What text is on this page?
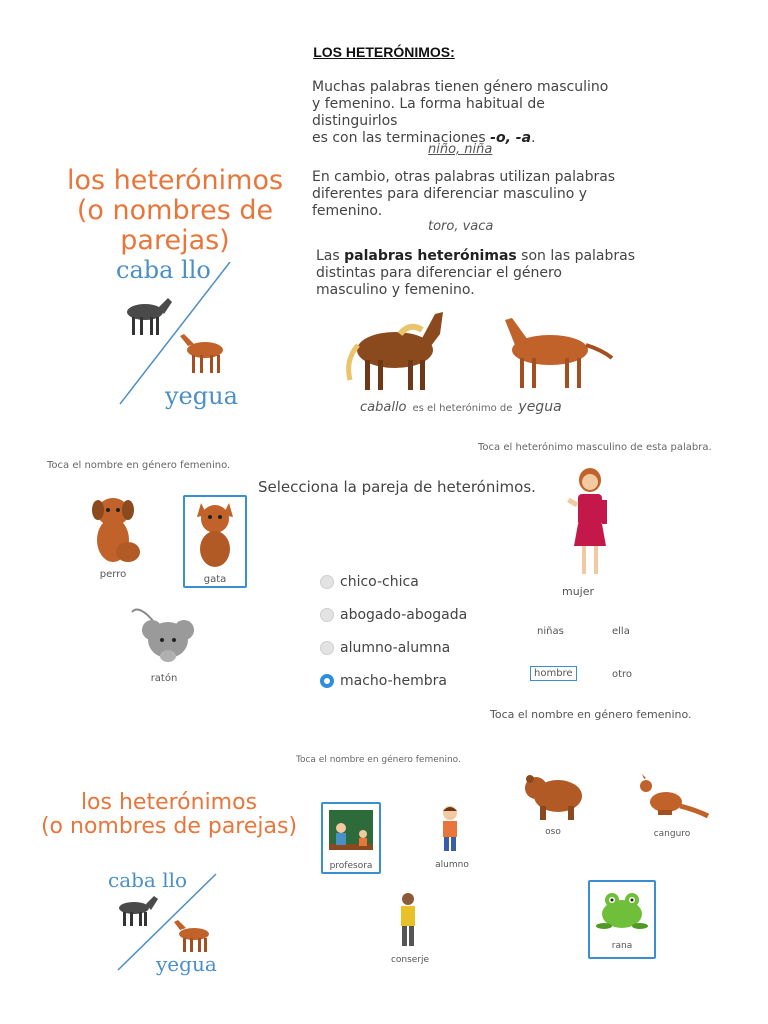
LOS HETERÓNIMOS:
Muchas palabras tienen género masculino
y femenino. La forma habitual de distinguirlos
es con las terminaciones -o, -a.
niño, niña
En cambio, otras palabras utilizan palabras
diferentes para diferenciar masculino y
femenino.
toro, vaca
Las palabras heterónimas son las palabras
distintas para diferenciar el género
masculino y femenino.
caballo es el heterónimo de yegua
los heterónimos
(o nombres de parejas)
caba llo
yegua
Toca el nombre en género femenino.
perro	gata
ratón
Selecciona la pareja de heterónimos.
chico-chica
abogado-abogada
alumno-alumna
macho-hembra
Toca el heterónimo masculino de esta palabra.
mujer
niñas	ella
hombre	otro
Toca el nombre en género femenino.
los heterónimos
(o nombres de parejas)
caba llo
yegua
Toca el nombre en género femenino.
profesora	alumno
oso	canguro
conserje
rana
